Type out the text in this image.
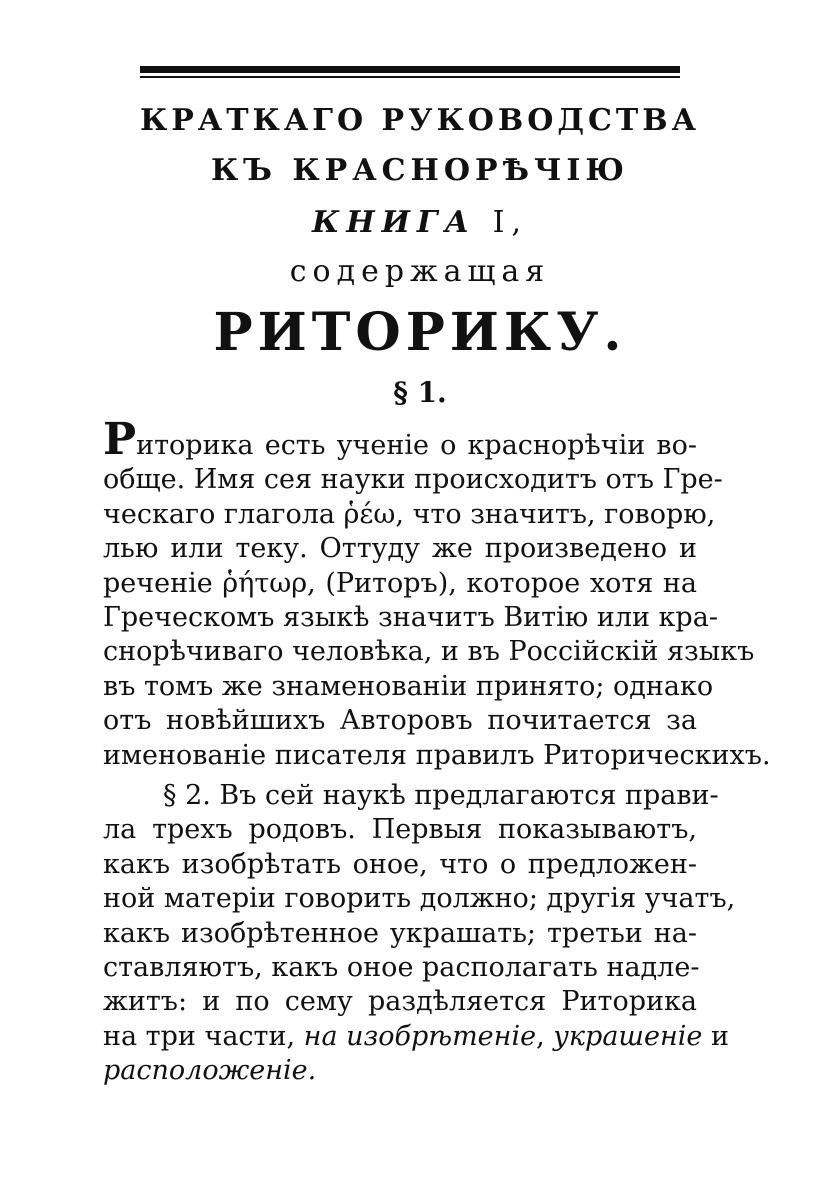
КРАТКАГО РУКОВОДСТВА
КЪ КРАСНОРѢЧІЮ
КНИГА I,
содержащая
РИТОРИКУ.
§ 1.
Риторика есть ученіе о краснорѣчіи во-
обще. Имя сея науки происходитъ отъ Гре-
ческаго глагола ῥέω, что значитъ, говорю,
лью или теку. Оттуду же произведено и
реченіе ῥήτωρ, (Риторъ), которое хотя на
Греческомъ языкѣ значитъ Витію или кра-
снорѣчиваго человѣка, и въ Россійскій языкъ
въ томъ же знаменованіи принято; однако
отъ новѣйшихъ Авторовъ почитается за
именованіе писателя правилъ Риторическихъ.
§ 2. Въ сей наукѣ предлагаются прави-
ла трехъ родовъ. Первыя показываютъ,
какъ изобрѣтать оное, что о предложен-
ной матеріи говорить должно; другія учатъ,
какъ изобрѣтенное украшать; третьи на-
ставляютъ, какъ оное располагать надле-
житъ: и по сему раздѣляется Риторика
на три части, на изобрѣтеніе, украшеніе и
расположеніе.
